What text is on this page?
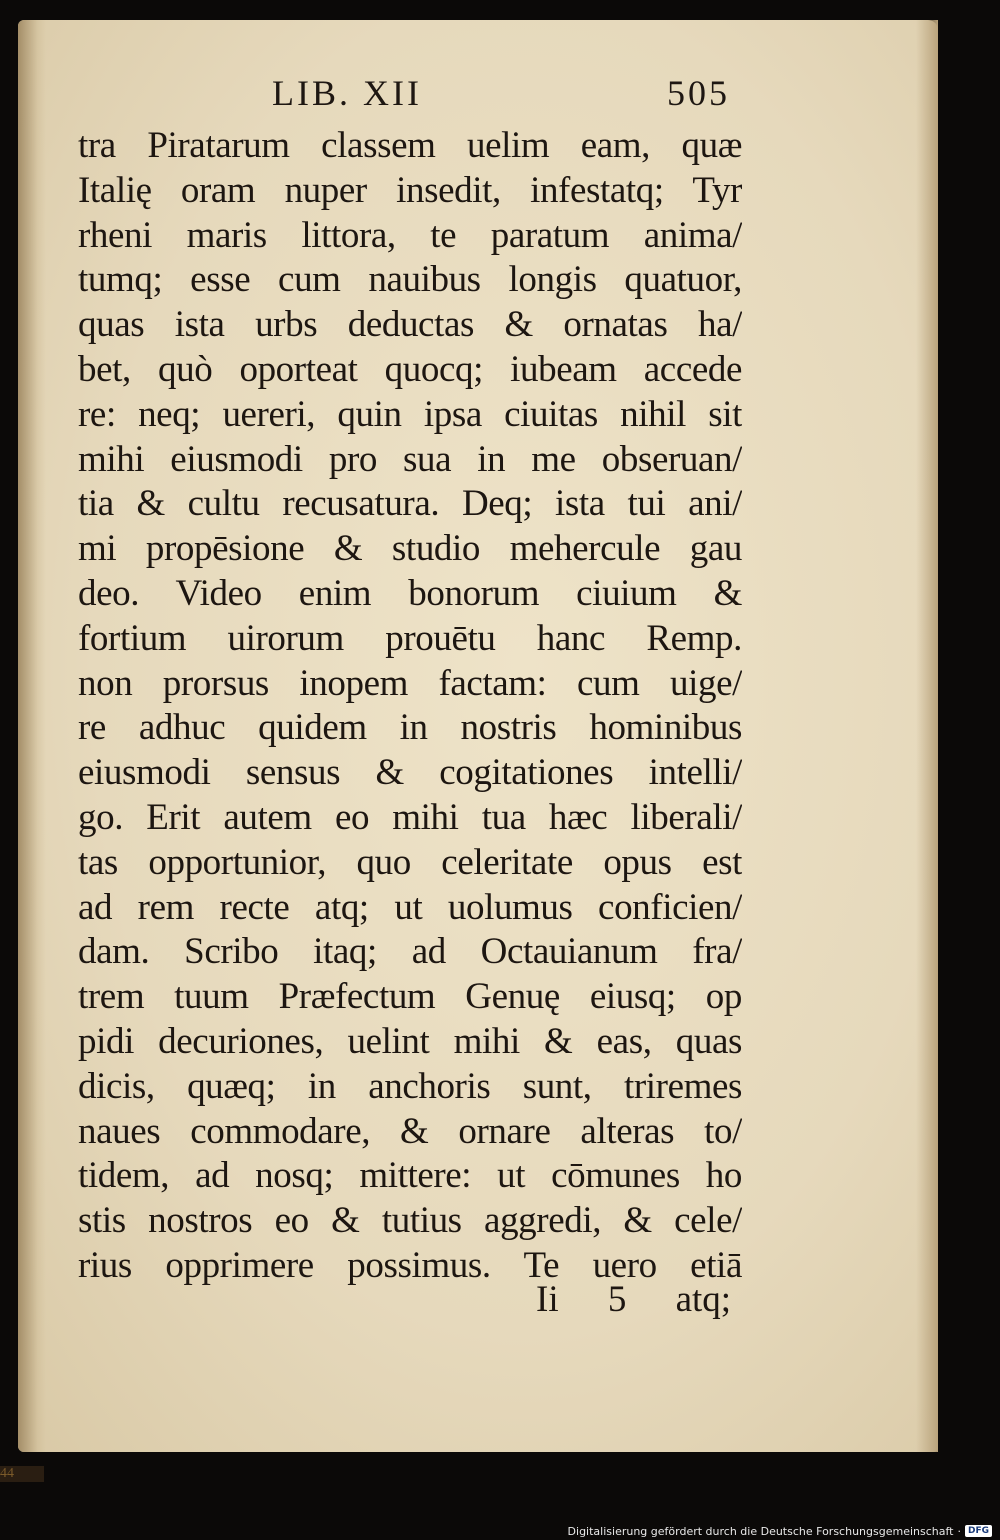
LIB. XII	505
tra Piratarum classem uelim eam, quæ
Italię oram nuper insedit, infestatq; Tyr
rheni maris littora, te paratum anima/
tumq; esse cum nauibus longis quatuor,
quas ista urbs deductas & ornatas ha/
bet, quò oporteat quocq; iubeam accede
re: neq; uereri, quin ipsa ciuitas nihil sit
mihi eiusmodi pro sua in me obseruan/
tia & cultu recusatura. Deq; ista tui ani/
mi propēsione & studio mehercule gau
deo. Video enim bonorum ciuium &
fortium uirorum prouētu hanc Remp.
non prorsus inopem factam: cum uige/
re adhuc quidem in nostris hominibus
eiusmodi sensus & cogitationes intelli/
go. Erit autem eo mihi tua hæc liberali/
tas opportunior, quo celeritate opus est
ad rem recte atq; ut uolumus conficien/
dam. Scribo itaq; ad Octauianum fra/
trem tuum Præfectum Genuę eiusq; op
pidi decuriones, uelint mihi & eas, quas
dicis, quæq; in anchoris sunt, triremes
naues commodare, & ornare alteras to/
tidem, ad nosq; mittere: ut cōmunes ho
stis nostros eo & tutius aggredi, & cele/
rius opprimere possimus. Te uero etiā
Ii 5 atq;
44
Digitalisierung gefördert durch die Deutsche Forschungsgemeinschaft · DFG
